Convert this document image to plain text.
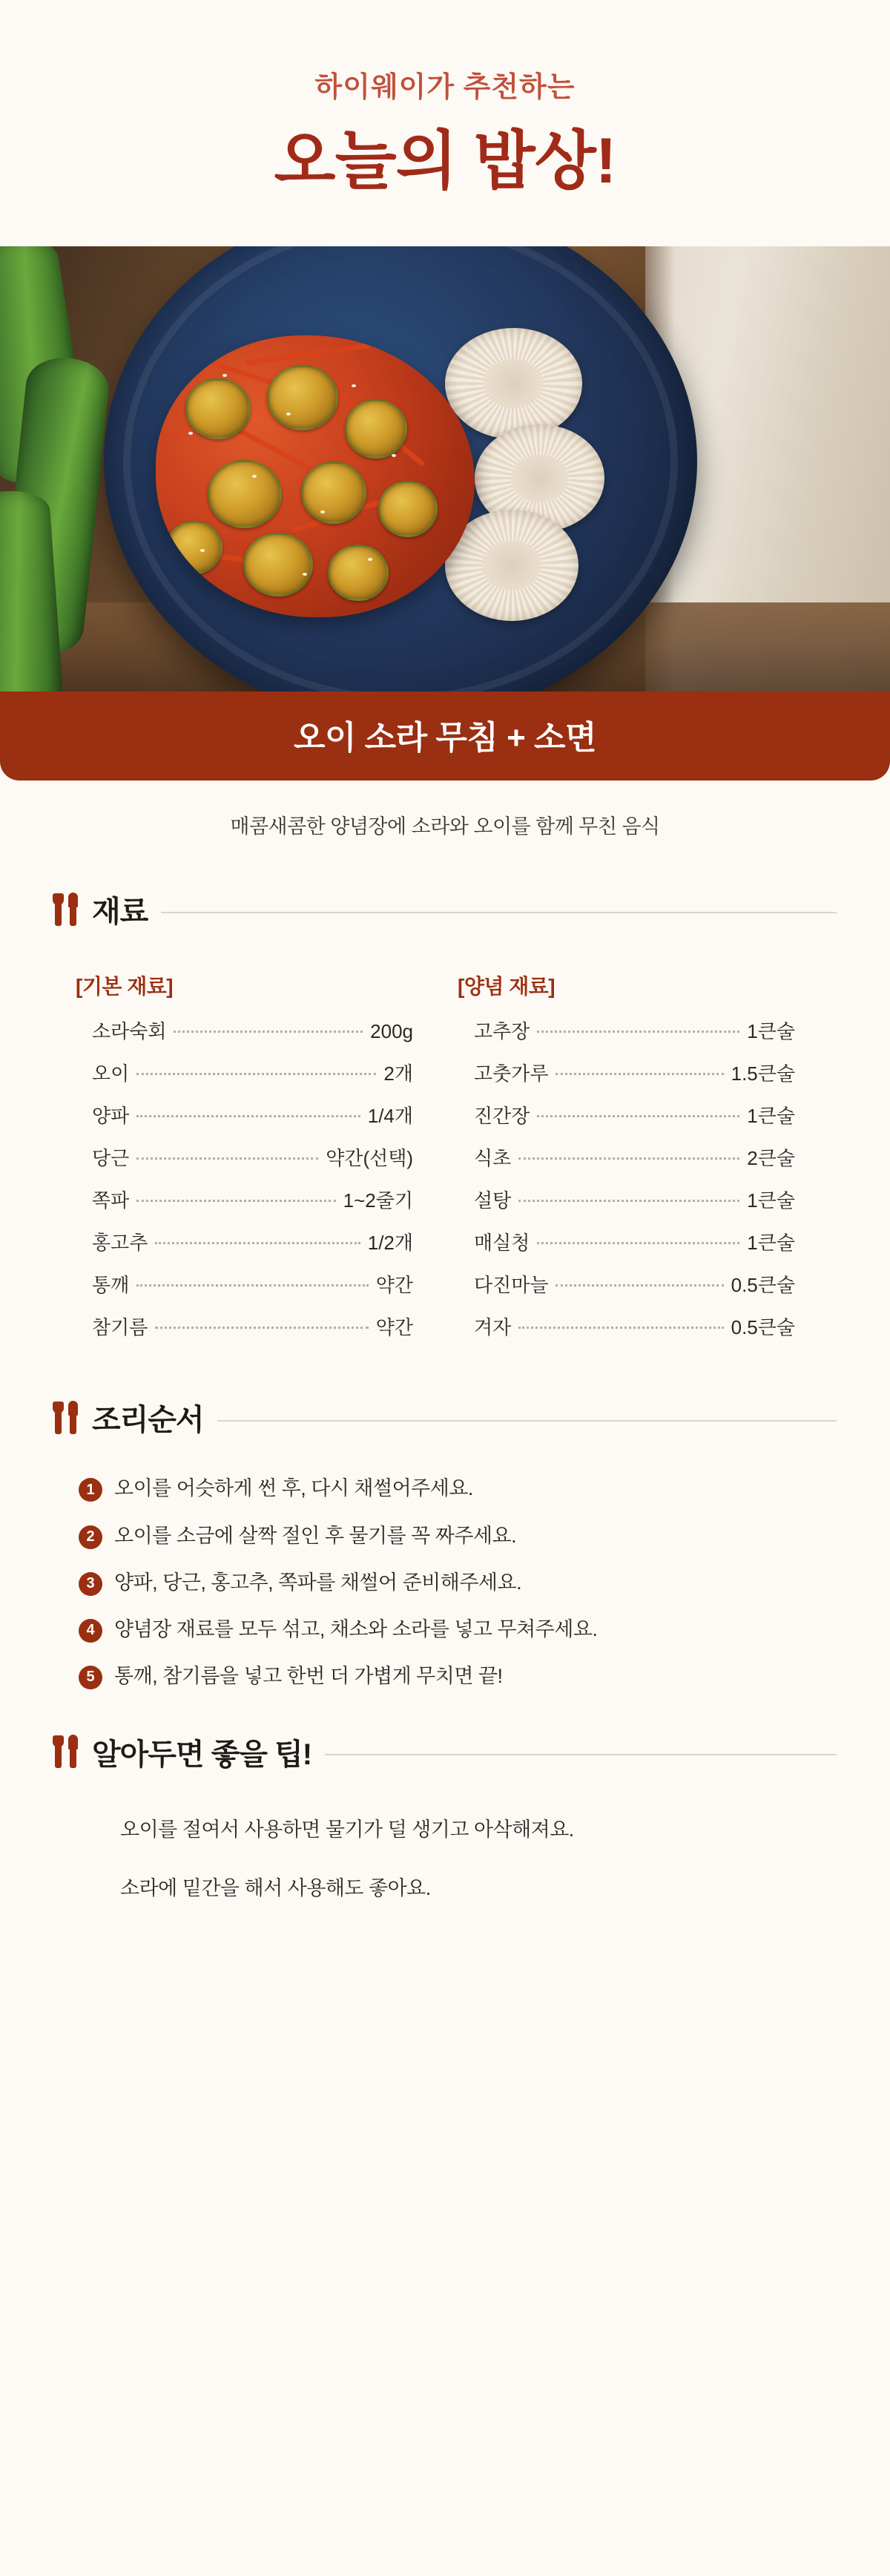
하이웨이가 추천하는
오늘의 밥상!
오이 소라 무침 + 소면
매콤새콤한 양념장에 소라와 오이를 함께 무친 음식
재료
[기본 재료]
소라숙회	200g
오이	2개
양파	1/4개
당근	약간(선택)
쪽파	1~2줄기
홍고추	1/2개
통깨	약간
참기름	약간
[양념 재료]
고추장	1큰술
고춧가루	1.5큰술
진간장	1큰술
식초	2큰술
설탕	1큰술
매실청	1큰술
다진마늘	0.5큰술
겨자	0.5큰술
조리순서
1 오이를 어슷하게 썬 후, 다시 채썰어주세요.
2 오이를 소금에 살짝 절인 후 물기를 꼭 짜주세요.
3 양파, 당근, 홍고추, 쪽파를 채썰어 준비해주세요.
4 양념장 재료를 모두 섞고, 채소와 소라를 넣고 무쳐주세요.
5 통깨, 참기름을 넣고 한번 더 가볍게 무치면 끝!
알아두면 좋을 팁!
오이를 절여서 사용하면 물기가 덜 생기고 아삭해져요.
소라에 밑간을 해서 사용해도 좋아요.
